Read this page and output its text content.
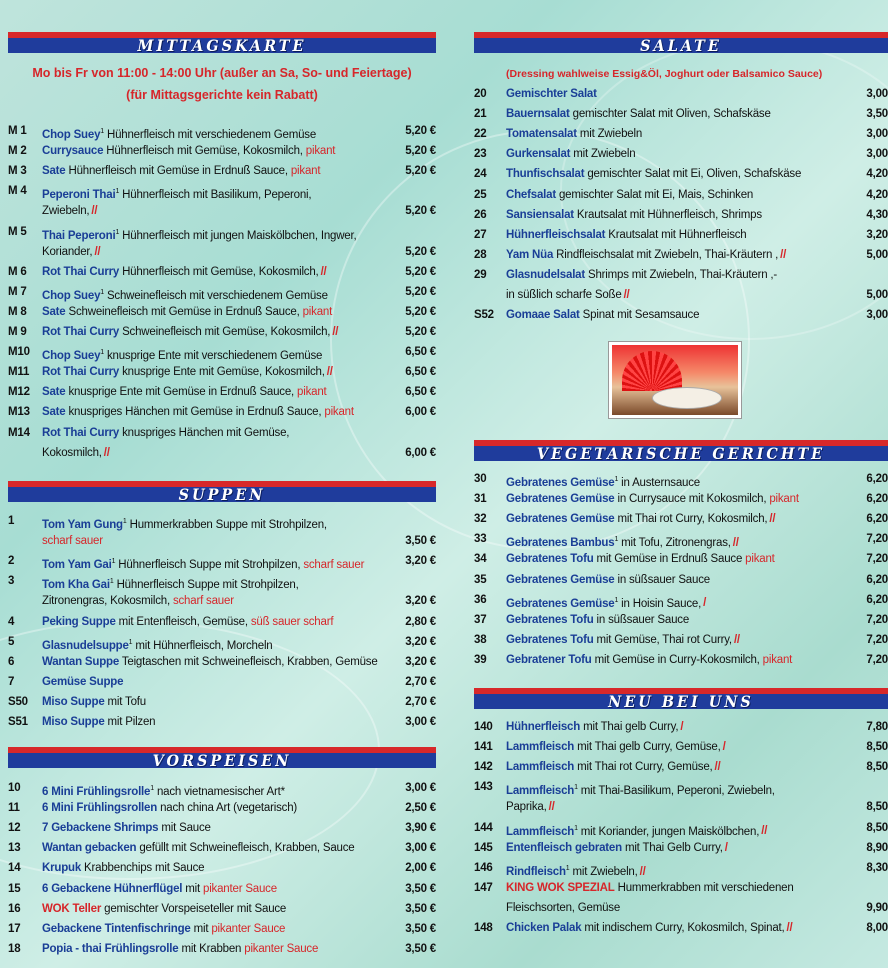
MITTAGSKARTE
Mo bis Fr von 11:00 - 14:00 Uhr (außer an Sa, So- und Feiertage)
(für Mittagsgerichte kein Rabatt)
M 1 Chop Suey$^1$ Hühnerfleisch mit verschiedenem Gemüse	5,20 €
M 2 Currysauce Hühnerfleisch mit Gemüse, Kokosmilch, pikant	5,20 €
M 3 Sate Hühnerfleisch mit Gemüse in Erdnuß Sauce, pikant	5,20 €
M 4 Peperoni Thai$^1$ Hühnerfleisch mit Basilikum, Peperoni,
Zwiebeln, //	5,20 €
M 5 Thai Peperoni$^1$ Hühnerfleisch mit jungen Maiskölbchen, Ingwer,
Koriander, //	5,20 €
M 6 Rot Thai Curry Hühnerfleisch mit Gemüse, Kokosmilch, //	5,20 €
M 7 Chop Suey$^1$ Schweinefleisch mit verschiedenem Gemüse	5,20 €
M 8 Sate Schweinefleisch mit Gemüse in Erdnuß Sauce, pikant	5,20 €
M 9 Rot Thai Curry Schweinefleisch mit Gemüse, Kokosmilch, //	5,20 €
M10 Chop Suey$^1$ knusprige Ente mit verschiedenem Gemüse	6,50 €
M11 Rot Thai Curry knusprige Ente mit Gemüse, Kokosmilch, //	6,50 €
M12 Sate knusprige Ente mit Gemüse in Erdnuß Sauce, pikant	6,50 €
M13 Sate knuspriges Hänchen mit Gemüse in Erdnuß Sauce, pikant	6,00 €
M14 Rot Thai Curry knuspriges Hänchen mit Gemüse,
Kokosmilch, //	6,00 €
SUPPEN
1 Tom Yam Gung$^1$ Hummerkrabben Suppe mit Strohpilzen,
scharf sauer	3,50 €
2 Tom Yam Gai$^1$ Hühnerfleisch Suppe mit Strohpilzen, scharf sauer	3,20 €
3 Tom Kha Gai$^1$ Hühnerfleisch Suppe mit Strohpilzen,
Zitronengras, Kokosmilch, scharf sauer	3,20 €
4 Peking Suppe mit Entenfleisch, Gemüse, süß sauer scharf	2,80 €
5 Glasnudelsuppe$^1$ mit Hühnerfleisch, Morcheln	3,20 €
6 Wantan Suppe Teigtaschen mit Schweinefleisch, Krabben, Gemüse 3,20 €
7 Gemüse Suppe	2,70 €
S50 Miso Suppe mit Tofu	2,70 €
S51 Miso Suppe mit Pilzen	3,00 €
VORSPEISEN
10 6 Mini Frühlingsrolle$^1$ nach vietnamesischer Art*	3,00 €
11 6 Mini Frühlingsrollen nach china Art (vegetarisch)	2,50 €
12 7 Gebackene Shrimps mit Sauce	3,90 €
13 Wantan gebacken gefüllt mit Schweinefleisch, Krabben, Sauce	3,00 €
14 Krupuk Krabbenchips mit Sauce	2,00 €
15 6 Gebackene Hühnerflügel mit pikanter Sauce	3,50 €
16 WOK Teller gemischter Vorspeiseteller mit Sauce	3,50 €
17 Gebackene Tintenfischringe mit pikanter Sauce	3,50 €
18 Popia - thai Frühlingsrolle mit Krabben pikanter Sauce	3,50 €
SALATE
(Dressing wahlweise Essig&Öl, Joghurt oder Balsamico Sauce)
20 Gemischter Salat	3,00
21 Bauernsalat gemischter Salat mit Oliven, Schafskäse	3,50
22 Tomatensalat mit Zwiebeln	3,00
23 Gurkensalat mit Zwiebeln	3,00
24 Thunfischsalat gemischter Salat mit Ei, Oliven, Schafskäse	4,20
25 Chefsalat gemischter Salat mit Ei, Mais, Schinken	4,20
26 Sansiensalat Krautsalat mit Hühnerfleisch, Shrimps	4,30
27 Hühnerfleischsalat Krautsalat mit Hühnerfleisch	3,20
28 Yam Nüa Rindfleischsalat mit Zwiebeln, Thai-Kräutern , //	5,00
29 Glasnudelsalat Shrimps mit Zwiebeln, Thai-Kräutern ,-
in süßlich scharfe Soße //	5,00
S52 Gomaae Salat Spinat mit Sesamsauce	3,00
VEGETARISCHE GERICHTE
30 Gebratenes Gemüse$^1$ in Austernsauce	6,20
31 Gebratenes Gemüse in Currysauce mit Kokosmilch, pikant	6,20
32 Gebratenes Gemüse mit Thai rot Curry, Kokosmilch, //	6,20
33 Gebratenes Bambus$^1$ mit Tofu, Zitronengras, //	7,20
34 Gebratenes Tofu mit Gemüse in Erdnuß Sauce pikant	7,20
35 Gebratenes Gemüse in süßsauer Sauce	6,20
36 Gebratenes Gemüse$^1$ in Hoisin Sauce, /	6,20
37 Gebratenes Tofu in süßsauer Sauce	7,20
38 Gebratenes Tofu mit Gemüse, Thai rot Curry, //	7,20
39 Gebratener Tofu mit Gemüse in Curry-Kokosmilch, pikant	7,20
NEU BEI UNS
140 Hühnerfleisch mit Thai gelb Curry, /	7,80
141 Lammfleisch mit Thai gelb Curry, Gemüse, /	8,50
142 Lammfleisch mit Thai rot Curry, Gemüse, //	8,50
143 Lammfleisch$^1$ mit Thai-Basilikum, Peperoni, Zwiebeln,
Paprika, //	8,50
144 Lammfleisch$^1$ mit Koriander, jungen Maiskölbchen, //	8,50
145 Entenfleisch gebraten mit Thai Gelb Curry, /	8,90
146 Rindfleisch$^1$ mit Zwiebeln, //	8,30
147 KING WOK SPEZIAL Hummerkrabben mit verschiedenen
Fleischsorten, Gemüse	9,90
148 Chicken Palak mit indischem Curry, Kokosmilch, Spinat, //	8,00
